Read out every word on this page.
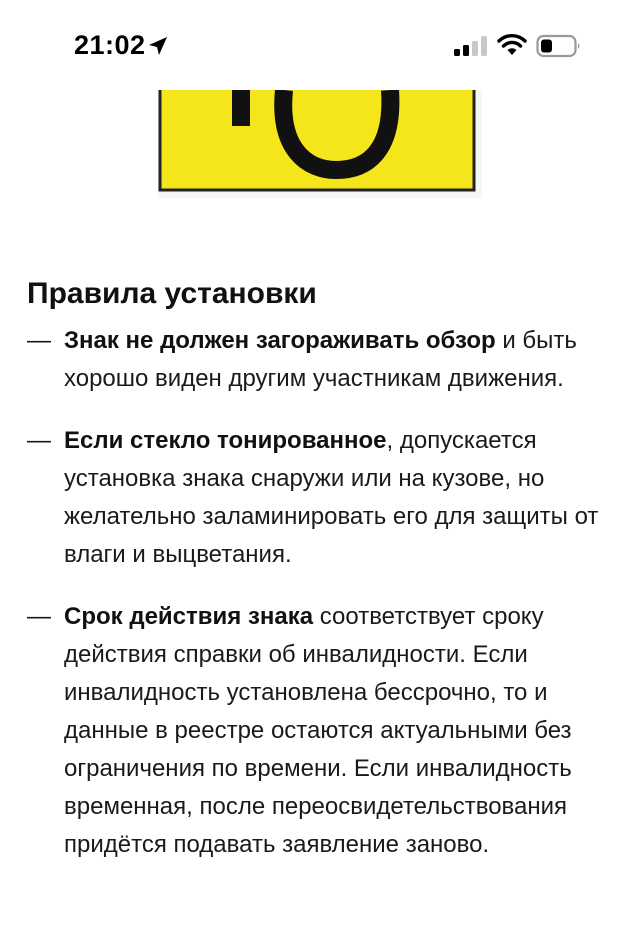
21:02
Правила установки
— Знак не должен загораживать обзор и быть хорошо виден другим участникам движения.
— Если стекло тонированное, допускается установка знака снаружи или на кузове, но желательно заламинировать его для защиты от влаги и выцветания.
— Срок действия знака соответствует сроку действия справки об инвалидности. Если инвалидность установлена бессрочно, то и данные в реестре остаются актуальными без ограничения по времени. Если инвалидность временная, после переосвидетельствования придётся подавать заявление заново.
